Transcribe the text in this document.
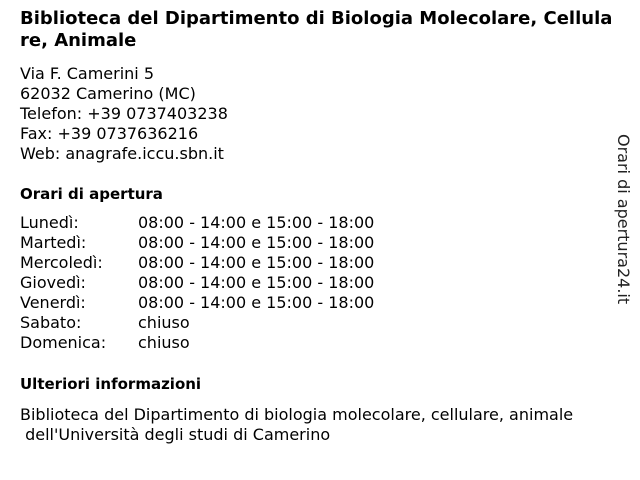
Biblioteca del Dipartimento di Biologia Molecolare, Cellulare, Animale
Via F. Camerini 5
62032 Camerino (MC)
Telefon: +39 0737403238
Fax: +39 0737636216
Web: anagrafe.iccu.sbn.it
Orari di apertura
Lunedì:	08:00 - 14:00 e 15:00 - 18:00
Martedì:	08:00 - 14:00 e 15:00 - 18:00
Mercoledì: 08:00 - 14:00 e 15:00 - 18:00
Giovedì:	08:00 - 14:00 e 15:00 - 18:00
Venerdì:	08:00 - 14:00 e 15:00 - 18:00
Sabato:	chiuso
Domenica: chiuso
Ulteriori informazioni
Biblioteca del Dipartimento di biologia molecolare, cellulare, animale
dell'Università degli studi di Camerino
Orari di apertura24.it
